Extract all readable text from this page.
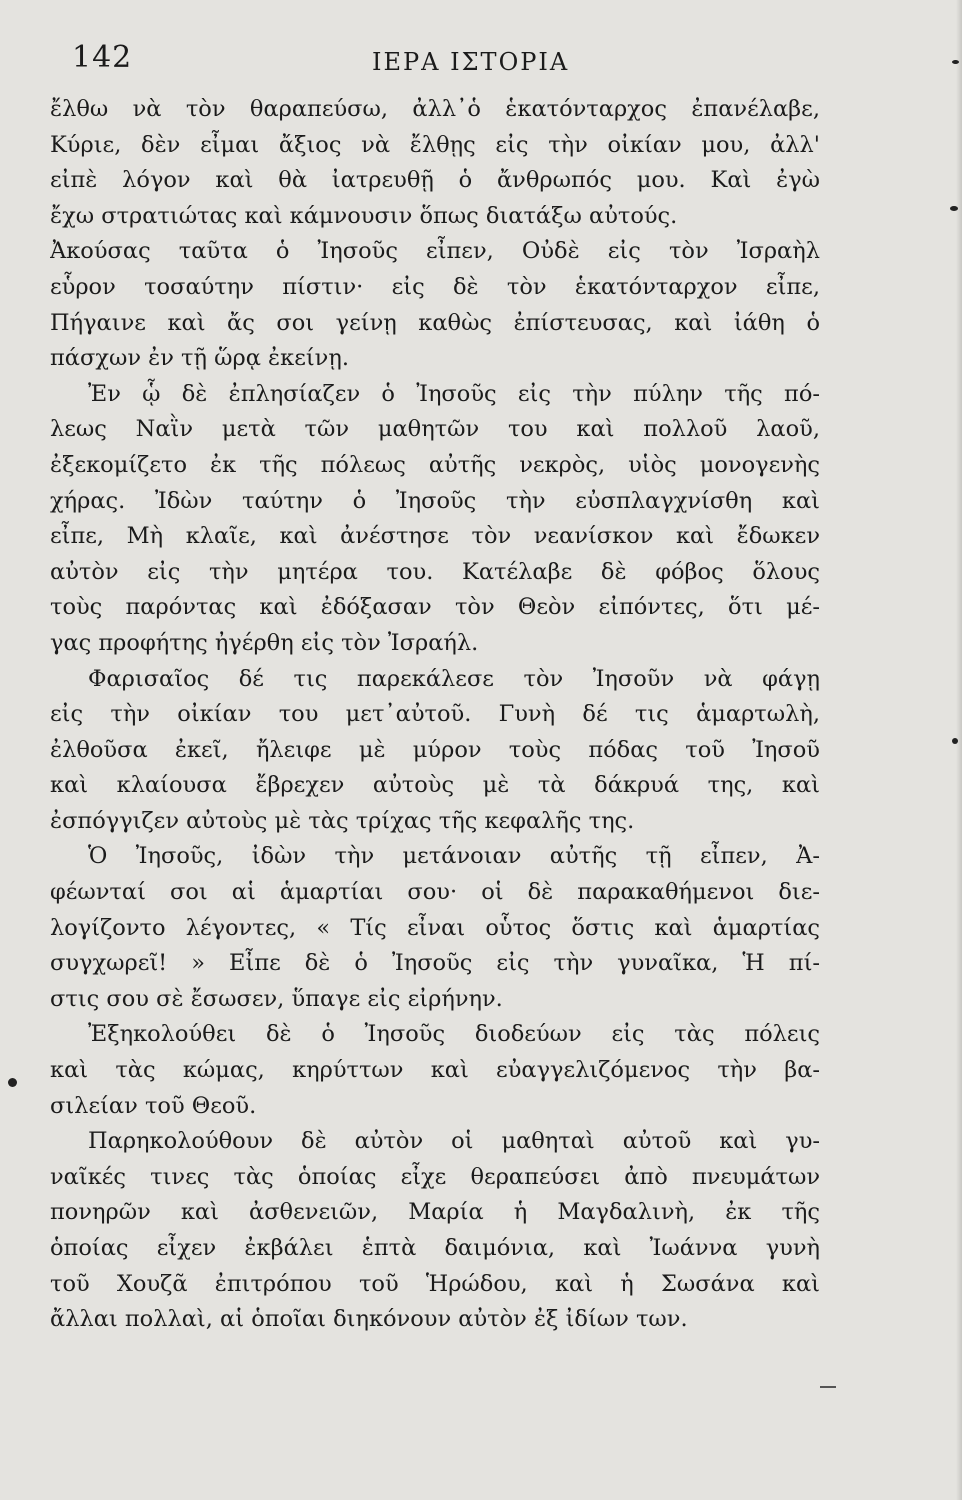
142	ΙΕΡΑ ΙΣΤΟΡΙΑ
ἔλθω νὰ τὸν θαραπεύσω, ἀλλ᾿ὁ ἑκατόνταρχος ἐπανέλαβε,
Κύριε, δὲν εἶμαι ἄξιος νὰ ἔλθῃς εἰς τὴν οἰκίαν μου, ἀλλ'
εἰπὲ λόγον καὶ θὰ ἰατρευθῇ ὁ ἄνθρωπός μου. Καὶ ἐγὼ
ἔχω στρατιώτας καὶ κάμνουσιν ὅπως διατάξω αὐτούς.
Ἀκούσας ταῦτα ὁ Ἰησοῦς εἶπεν, Οὐδὲ εἰς τὸν Ἰσραὴλ
εὗρον τοσαύτην πίστιν· εἰς δὲ τὸν ἑκατόνταρχον εἶπε,
Πήγαινε καὶ ἄς σοι γείνῃ καθὼς ἐπίστευσας, καὶ ἰάθη ὁ
πάσχων ἐν τῇ ὥρᾳ ἐκείνῃ.
Ἐν ᾧ δὲ ἐπλησίαζεν ὁ Ἰησοῦς εἰς τὴν πύλην τῆς πό-
λεως Ναῒν μετὰ τῶν μαθητῶν του καὶ πολλοῦ λαοῦ,
ἐξεκομίζετο ἐκ τῆς πόλεως αὐτῆς νεκρὸς, υἱὸς μονογενὴς
χήρας. Ἰδὼν ταύτην ὁ Ἰησοῦς τὴν εὐσπλαγχνίσθη καὶ
εἶπε, Μὴ κλαῖε, καὶ ἀνέστησε τὸν νεανίσκον καὶ ἔδωκεν
αὐτὸν εἰς τὴν μητέρα του. Κατέλαβε δὲ φόβος ὅλους
τοὺς παρόντας καὶ ἐδόξασαν τὸν Θεὸν εἰπόντες, ὅτι μέ-
γας προφήτης ἠγέρθη εἰς τὸν Ἰσραήλ.
Φαρισαῖος δέ τις παρεκάλεσε τὸν Ἰησοῦν νὰ φάγῃ
εἰς τὴν οἰκίαν του μετ᾿αὐτοῦ. Γυνὴ δέ τις ἁμαρτωλὴ,
ἐλθοῦσα ἐκεῖ, ἤλειφε μὲ μύρον τοὺς πόδας τοῦ Ἰησοῦ
καὶ κλαίουσα ἔβρεχεν αὐτοὺς μὲ τὰ δάκρυά της, καὶ
ἐσπόγγιζεν αὐτοὺς μὲ τὰς τρίχας τῆς κεφαλῆς της.
Ὁ Ἰησοῦς, ἰδὼν τὴν μετάνοιαν αὐτῆς τῇ εἶπεν, Ἀ-
φέωνταί σοι αἱ ἁμαρτίαι σου· οἱ δὲ παρακαθήμενοι διε-
λογίζοντο λέγοντες, « Τίς εἶναι οὗτος ὅστις καὶ ἁμαρτίας
συγχωρεῖ! » Εἶπε δὲ ὁ Ἰησοῦς εἰς τὴν γυναῖκα, Ἡ πί-
στις σου σὲ ἔσωσεν, ὕπαγε εἰς εἰρήνην.
Ἐξηκολούθει δὲ ὁ Ἰησοῦς διοδεύων εἰς τὰς πόλεις
καὶ τὰς κώμας, κηρύττων καὶ εὐαγγελιζόμενος τὴν βα-
σιλείαν τοῦ Θεοῦ.
Παρηκολούθουν δὲ αὐτὸν οἱ μαθηταὶ αὐτοῦ καὶ γυ-
ναῖκές τινες τὰς ὁποίας εἶχε θεραπεύσει ἀπὸ πνευμάτων
πονηρῶν καὶ ἀσθενειῶν, Μαρία ἡ Μαγδαλινὴ, ἐκ τῆς
ὁποίας εἶχεν ἐκβάλει ἑπτὰ δαιμόνια, καὶ Ἰωάννα γυνὴ
τοῦ Χουζᾶ ἐπιτρόπου τοῦ Ἡρώδου, καὶ ἡ Σωσάνα καὶ
ἄλλαι πολλαὶ, αἱ ὁποῖαι διηκόνουν αὐτὸν ἐξ ἰδίων των.
